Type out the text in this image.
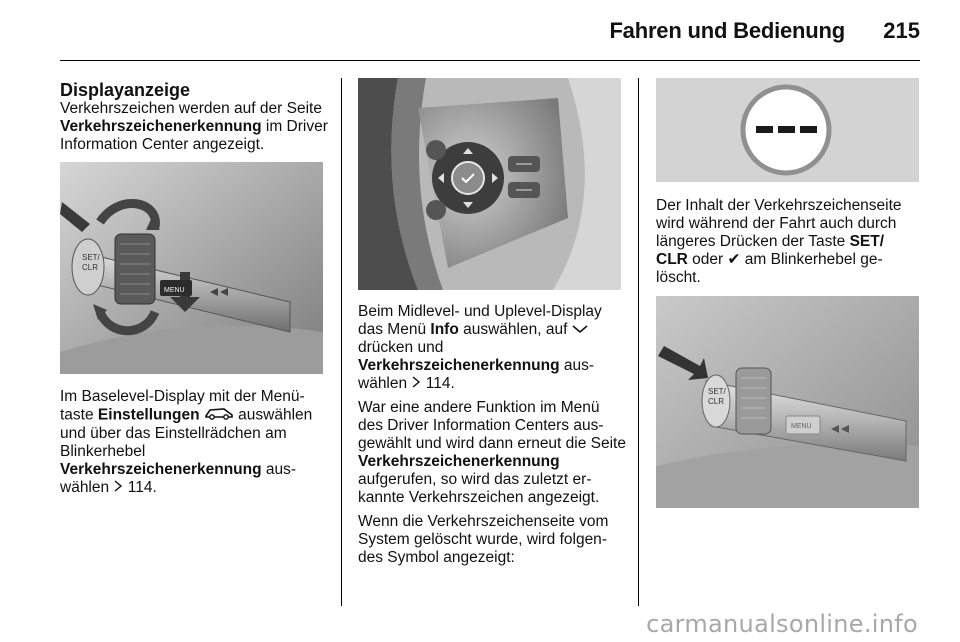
Fahren und Bedienung	215
Displayanzeige

Verkehrszeichen werden auf der Seite Verkehrszeichenerkennung im Driver Information Center angezeigt.

MENU
SET/
CLR

Im Baselevel-Display mit der Menütaste Einstellungen  auswählen und über das Einstellrädchen am Blinkerhebel Verkehrszeichenerkennung auswählen  114.

Beim Midlevel- und Uplevel-Display das Menü Info auswählen, auf  drücken und Verkehrszeichenerkennung auswählen  114.

War eine andere Funktion im Menü des Driver Information Centers ausgewählt und wird dann erneut die Seite Verkehrszeichenerkennung aufgerufen, so wird das zuletzt erkannte Verkehrszeichen angezeigt.

Wenn die Verkehrszeichenseite vom System gelöscht wurde, wird folgendes Symbol angezeigt:

Der Inhalt der Verkehrszeichenseite wird während der Fahrt auch durch längeres Drücken der Taste SET/ CLR oder ✔ am Blinkerhebel gelöscht.

SET/
CLR
MENU
carmanualsonline.info
